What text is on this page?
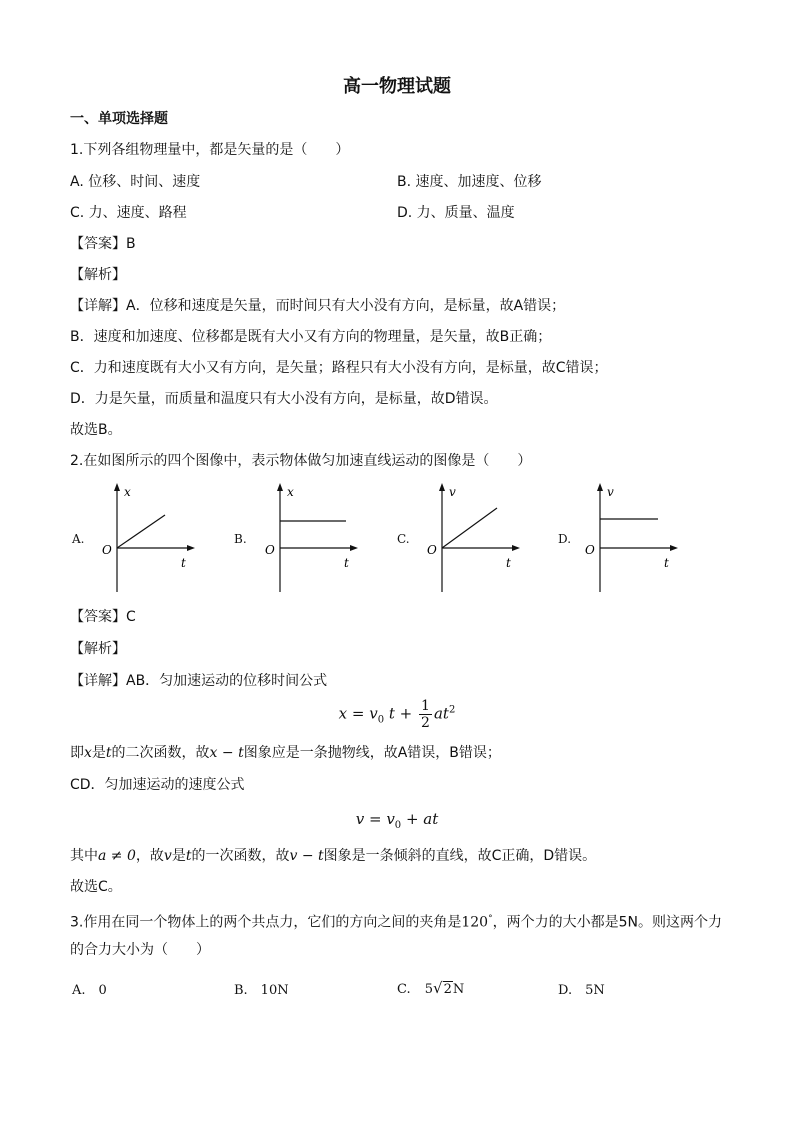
高一物理试题
一、单项选择题
1.下列各组物理量中，都是矢量的是（　　）
A. 位移、时间、速度	B. 速度、加速度、位移
C. 力、速度、路程	D. 力、质量、温度
【答案】B
【解析】
【详解】A．位移和速度是矢量，而时间只有大小没有方向，是标量，故A错误；
B．速度和加速度、位移都是既有大小又有方向的物理量，是矢量，故B正确；
C．力和速度既有大小又有方向，是矢量；路程只有大小没有方向，是标量，故C错误；
D．力是矢量，而质量和温度只有大小没有方向，是标量，故D错误。
故选B。
2.在如图所示的四个图像中，表示物体做匀加速直线运动的图像是（　　）
A.
x
t
O
B.
x
t
O
C.
v
t
O
D.
v
t
O
【答案】C
【解析】
【详解】AB．匀加速运动的位移时间公式
$x = v_0$ $t + \frac{1}{2} at^2$
即x是t的二次函数，故x − t图象应是一条抛物线，故A错误，B错误；
CD．匀加速运动的速度公式
$v = v_0$ + at
其中a ≠ 0，故v是t的一次函数，故v − t图象是一条倾斜的直线，故C正确，D错误。
故选C。
3.作用在同一个物体上的两个共点力，它们的方向之间的夹角是120°，两个力的大小都是5N。则这两个力
的合力大小为（　　）
A.　0	B.　10N	C. 5√2N	D.　5N
